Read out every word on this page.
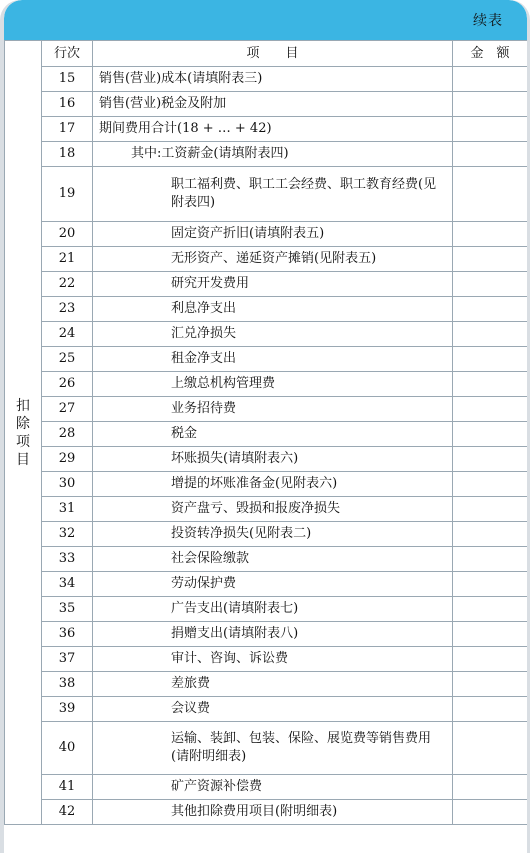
续表
扣
除
项
目	行次	项　　目	金　额
	15	销售(营业)成本(请填附表三)	
	16	销售(营业)税金及附加	
	17	期间费用合计(18 + … + 42)	
	18	其中:工资薪金(请填附表四)	
	19	职工福利费、职工工会经费、职工教育经费(见附表四)	
	20	固定资产折旧(请填附表五)	
	21	无形资产、递延资产摊销(见附表五)	
	22	研究开发费用	
	23	利息净支出	
	24	汇兑净损失	
	25	租金净支出	
	26	上缴总机构管理费	
	27	业务招待费	
	28	税金	
	29	坏账损失(请填附表六)	
	30	增提的坏账准备金(见附表六)	
	31	资产盘亏、毁损和报废净损失	
	32	投资转净损失(见附表二)	
	33	社会保险缴款	
	34	劳动保护费	
	35	广告支出(请填附表七)	
	36	捐赠支出(请填附表八)	
	37	审计、咨询、诉讼费	
	38	差旅费	
	39	会议费	
	40	运输、装卸、包装、保险、展览费等销售费用(请附明细表)	
	41	矿产资源补偿费	
	42	其他扣除费用项目(附明细表)	
